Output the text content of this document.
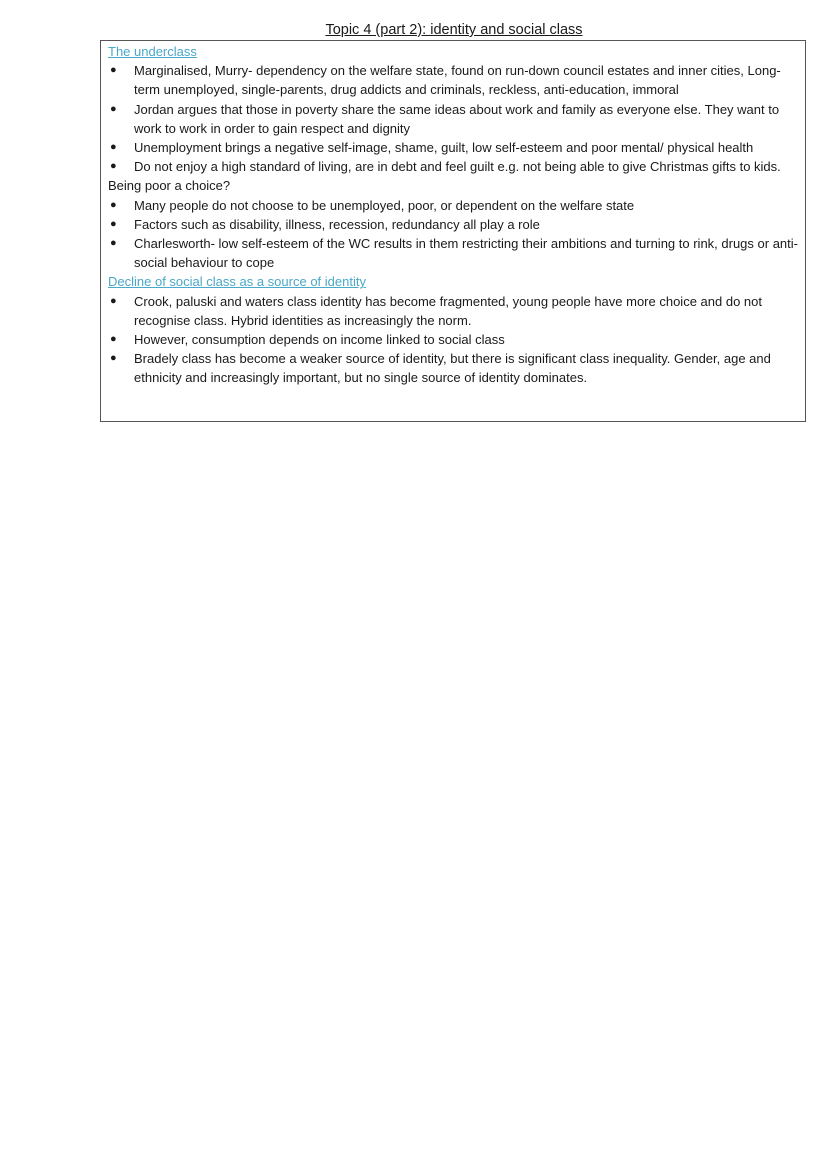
Topic 4 (part 2): identity and social class
The underclass
● Marginalised, Murry- dependency on the welfare state, found on run-down council estates and inner cities, Long-term unemployed, single-parents, drug addicts and criminals, reckless, anti-education, immoral
● Jordan argues that those in poverty share the same ideas about work and family as everyone else. They want to work to work in order to gain respect and dignity
● Unemployment brings a negative self-image, shame, guilt, low self-esteem and poor mental/ physical health
● Do not enjoy a high standard of living, are in debt and feel guilt e.g. not being able to give Christmas gifts to kids.
Being poor a choice?
● Many people do not choose to be unemployed, poor, or dependent on the welfare state
● Factors such as disability, illness, recession, redundancy all play a role
● Charlesworth- low self-esteem of the WC results in them restricting their ambitions and turning to rink, drugs or anti-social behaviour to cope
Decline of social class as a source of identity
● Crook, paluski and waters class identity has become fragmented, young people have more choice and do not recognise class. Hybrid identities as increasingly the norm.
● However, consumption depends on income linked to social class
● Bradely class has become a weaker source of identity, but there is significant class inequality. Gender, age and ethnicity and increasingly important, but no single source of identity dominates.
